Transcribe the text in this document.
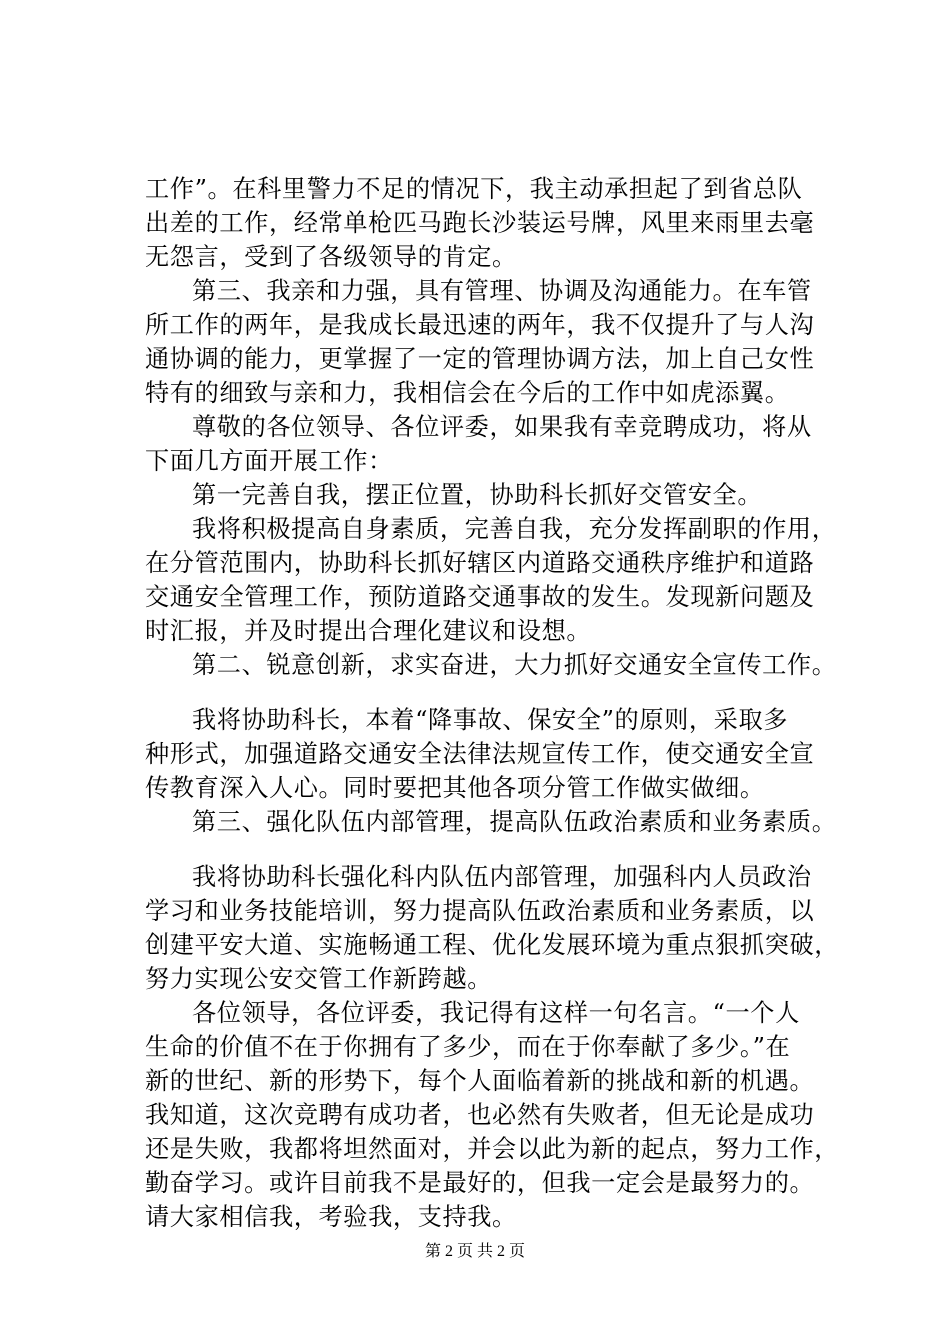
工作”。在科里警力不足的情况下，我主动承担起了到省总队
出差的工作，经常单枪匹马跑长沙装运号牌，风里来雨里去毫
无怨言，受到了各级领导的肯定。
第三、我亲和力强，具有管理、协调及沟通能力。在车管
所工作的两年，是我成长最迅速的两年，我不仅提升了与人沟
通协调的能力，更掌握了一定的管理协调方法，加上自己女性
特有的细致与亲和力，我相信会在今后的工作中如虎添翼。
尊敬的各位领导、各位评委，如果我有幸竞聘成功，将从
下面几方面开展工作：
第一完善自我，摆正位置，协助科长抓好交管安全。
我将积极提高自身素质，完善自我，充分发挥副职的作用，
在分管范围内，协助科长抓好辖区内道路交通秩序维护和道路
交通安全管理工作，预防道路交通事故的发生。发现新问题及
时汇报，并及时提出合理化建议和设想。
第二、锐意创新，求实奋进，大力抓好交通安全宣传工作。
我将协助科长，本着“降事故、保安全”的原则，采取多
种形式，加强道路交通安全法律法规宣传工作，使交通安全宣
传教育深入人心。同时要把其他各项分管工作做实做细。
第三、强化队伍内部管理，提高队伍政治素质和业务素质。
我将协助科长强化科内队伍内部管理，加强科内人员政治
学习和业务技能培训，努力提高队伍政治素质和业务素质，以
创建平安大道、实施畅通工程、优化发展环境为重点狠抓突破，
努力实现公安交管工作新跨越。
各位领导，各位评委，我记得有这样一句名言。“一个人
生命的价值不在于你拥有了多少，而在于你奉献了多少。”在
新的世纪、新的形势下，每个人面临着新的挑战和新的机遇。
我知道，这次竞聘有成功者，也必然有失败者，但无论是成功
还是失败，我都将坦然面对，并会以此为新的起点，努力工作，
勤奋学习。或许目前我不是最好的，但我一定会是最努力的。
请大家相信我，考验我，支持我。
第 2 页 共 2 页
